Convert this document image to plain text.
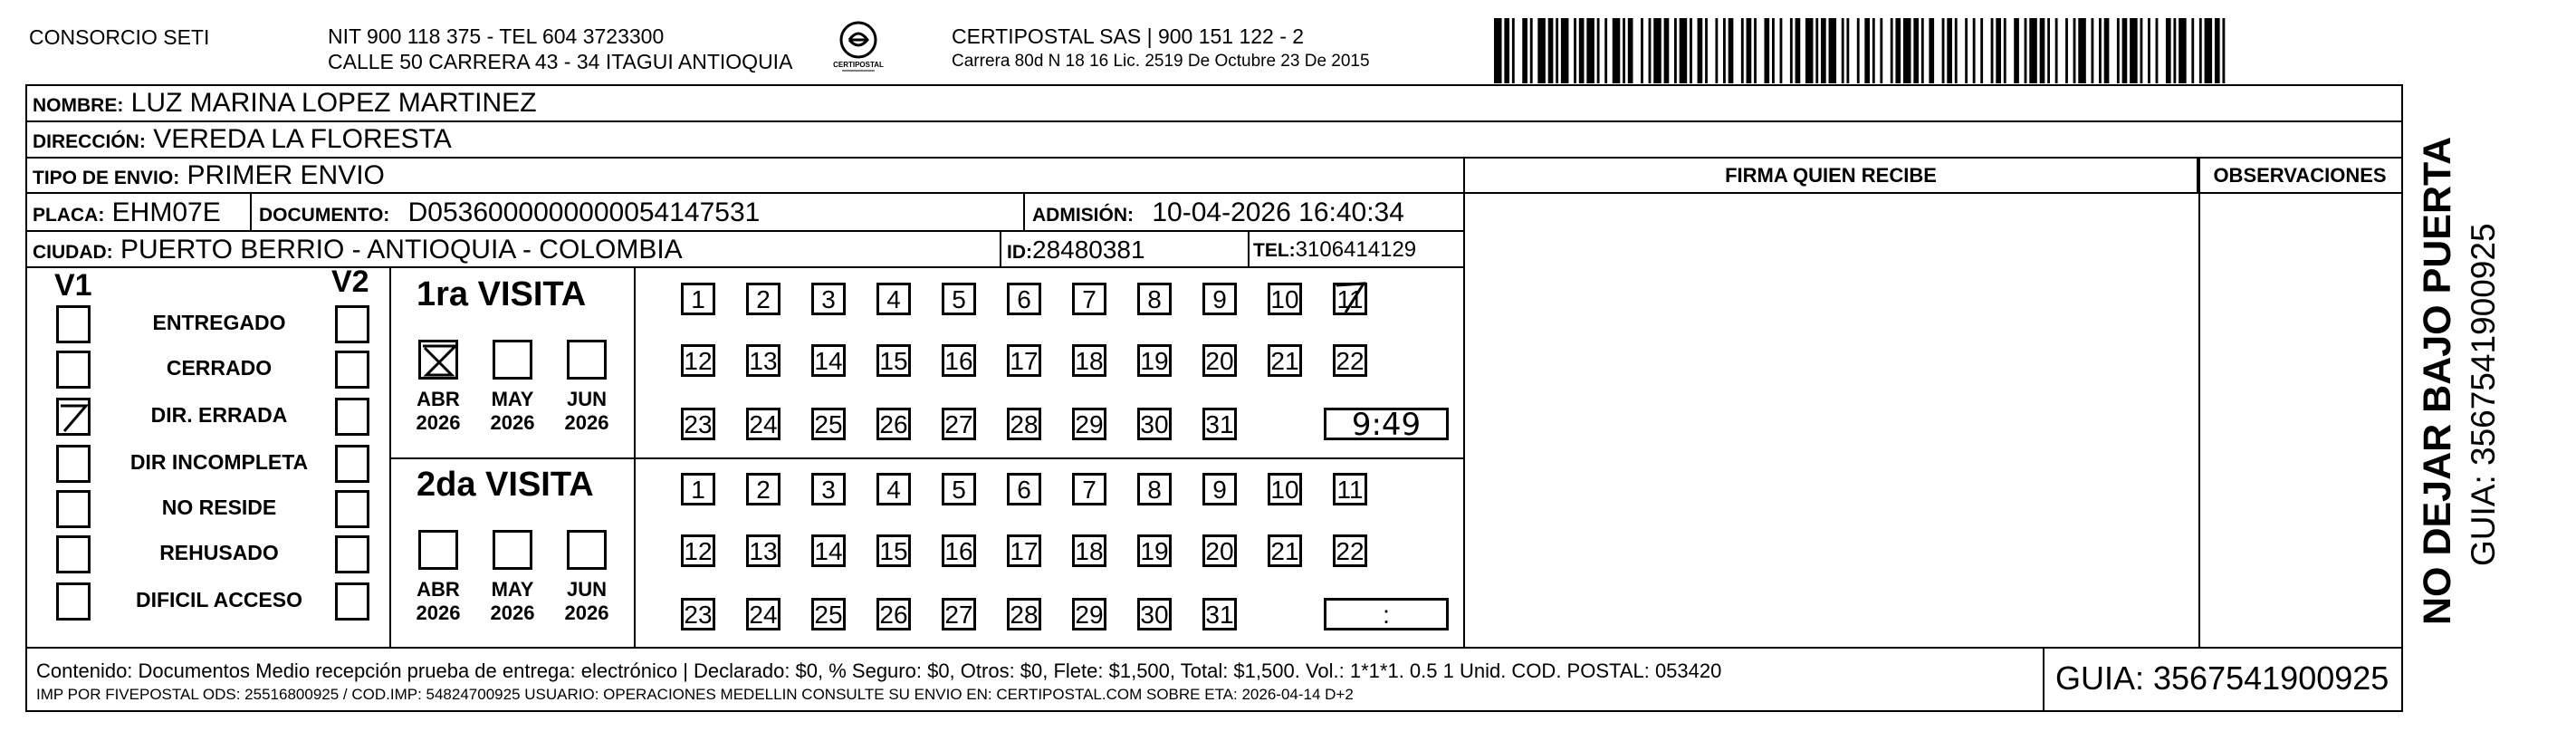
CONSORCIO SETI	NIT 900 118 375 - TEL 604 3723300
CALLE 50 CARRERA 43 - 34 ITAGUI ANTIOQUIA	CERTIPOSTAL
CERTIPOSTAL SAS | 900 151 122 - 2
Carrera 80d N 18 16 Lic. 2519 De Octubre 23 De 2015
NOMBRE: LUZ MARINA LOPEZ MARTINEZ
DIRECCIÓN: VEREDA LA FLORESTA
TIPO DE ENVIO: PRIMER ENVIO	FIRMA QUIEN RECIBE	OBSERVACIONES
PLACA: EHM07E DOCUMENTO: D0536000000000054147531	ADMISIÓN: 10-04-2026 16:40:34
CIUDAD: PUERTO BERRIO - ANTIOQUIA - COLOMBIA	ID:28480381	TEL:3106414129
V1	V2
ENTREGADO
CERRADO
DIR. ERRADA
DIR INCOMPLETA
NO RESIDE
REHUSADO
DIFICIL ACCESO
1ra VISITA
ABR
2026
MAY
2026
JUN
2026
1	2	3	4	5	6	7	8	9	10 11
12 13 14 15 16 17 18 19 20 21 22
23 24 25 26 27 28 29 30 31	9:49
2da VISITA
ABR
2026
MAY
2026
JUN
2026
1	2	3	4	5	6	7	8	9	10 11
12 13 14 15 16 17 18 19 20 21 22
23 24 25 26 27 28 29 30 31	:
Contenido: Documentos Medio recepción prueba de entrega: electrónico | Declarado: $0, % Seguro: $0, Otros: $0, Flete: $1,500, Total: $1,500. Vol.: 1*1*1. 0.5 1 Unid. COD. POSTAL: 053420
IMP POR FIVEPOSTAL ODS: 25516800925 / COD.IMP: 54824700925 USUARIO: OPERACIONES MEDELLIN CONSULTE SU ENVIO EN: CERTIPOSTAL.COM SOBRE ETA: 2026-04-14 D+2	GUIA: 3567541900925
NO DEJAR BAJO PUERTA GUIA: 3567541900925
